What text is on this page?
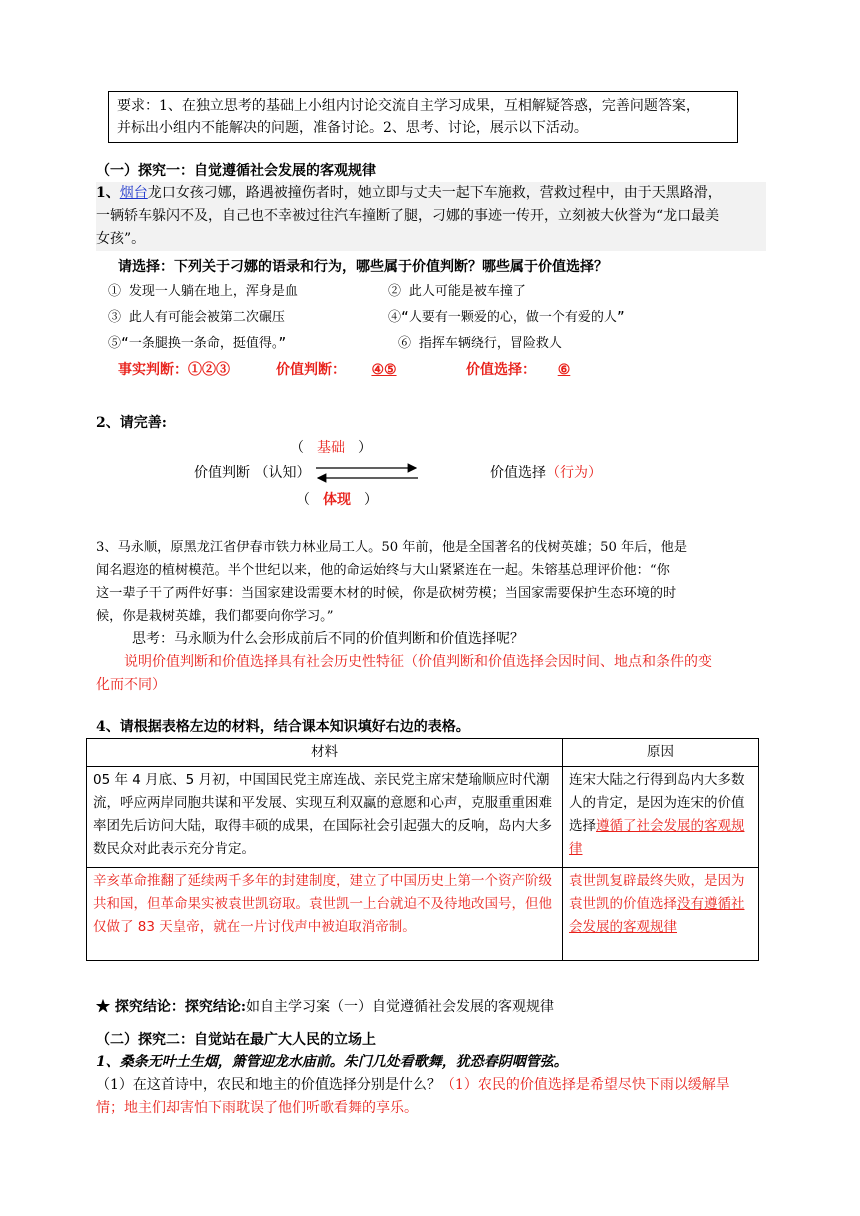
要求：1、在独立思考的基础上小组内讨论交流自主学习成果，互相解疑答惑，完善问题答案，
并标出小组内不能解决的问题，准备讨论。2、思考、讨论，展示以下活动。
（一）探究一：自觉遵循社会发展的客观规律
1、烟台龙口女孩刁娜，路遇被撞伤者时，她立即与丈夫一起下车施救，营救过程中，由于天黑路滑，
一辆轿车躲闪不及，自己也不幸被过往汽车撞断了腿，刁娜的事迹一传开，立刻被大伙誉为“龙口最美
女孩”。
请选择：下列关于刁娜的语录和行为，哪些属于价值判断？哪些属于价值选择？
① 发现一人躺在地上，浑身是血	② 此人可能是被车撞了
③ 此人有可能会被第二次碾压	④“人要有一颗爱的心，做一个有爱的人”
⑤“一条腿换一条命，挺值得。”	⑥ 指挥车辆绕行，冒险救人
事实判断：①②③	价值判断： ④⑤	价值选择： ⑥
2、请完善:
（ 基础 ）
价值判断 （认知）	价值选择（行为）
（ 体现 ）
3、马永顺，原黑龙江省伊春市铁力林业局工人。50 年前，他是全国著名的伐树英雄；50 年后，他是
闻名遐迩的植树模范。半个世纪以来，他的命运始终与大山紧紧连在一起。朱镕基总理评价他：“你
这一辈子干了两件好事：当国家建设需要木材的时候，你是砍树劳模；当国家需要保护生态环境的时
候，你是栽树英雄，我们都要向你学习。”
思考：马永顺为什么会形成前后不同的价值判断和价值选择呢？
说明价值判断和价值选择具有社会历史性特征（价值判断和价值选择会因时间、地点和条件的变
化而不同）
4、请根据表格左边的材料，结合课本知识填好右边的表格。
材料	原因
05 年 4 月底、5 月初，中国国民党主席连战、亲民党主席宋楚瑜顺应时代潮流，呼应两岸同胞共谋和平发展、实现互利双赢的意愿和心声，克服重重困难率团先后访问大陆，取得丰硕的成果，在国际社会引起强大的反响，岛内大多数民众对此表示充分肯定。	连宋大陆之行得到岛内大多数人的肯定，是因为连宋的价值选择遵循了社会发展的客观规律
辛亥革命推翻了延续两千多年的封建制度，建立了中国历史上第一个资产阶级共和国，但革命果实被袁世凯窃取。袁世凯一上台就迫不及待地改国号，但他仅做了 83 天皇帝，就在一片讨伐声中被迫取消帝制。	袁世凯复辟最终失败，是因为袁世凯的价值选择没有遵循社会发展的客观规律
★ 探究结论：探究结论:如自主学习案（一）自觉遵循社会发展的客观规律
（二）探究二：自觉站在最广大人民的立场上
1、桑条无叶土生烟，箫管迎龙水庙前。朱门几处看歌舞，犹恐春阴咽管弦。
（1）在这首诗中，农民和地主的价值选择分别是什么？（1）农民的价值选择是希望尽快下雨以缓解旱
情；地主们却害怕下雨耽误了他们听歌看舞的享乐。
